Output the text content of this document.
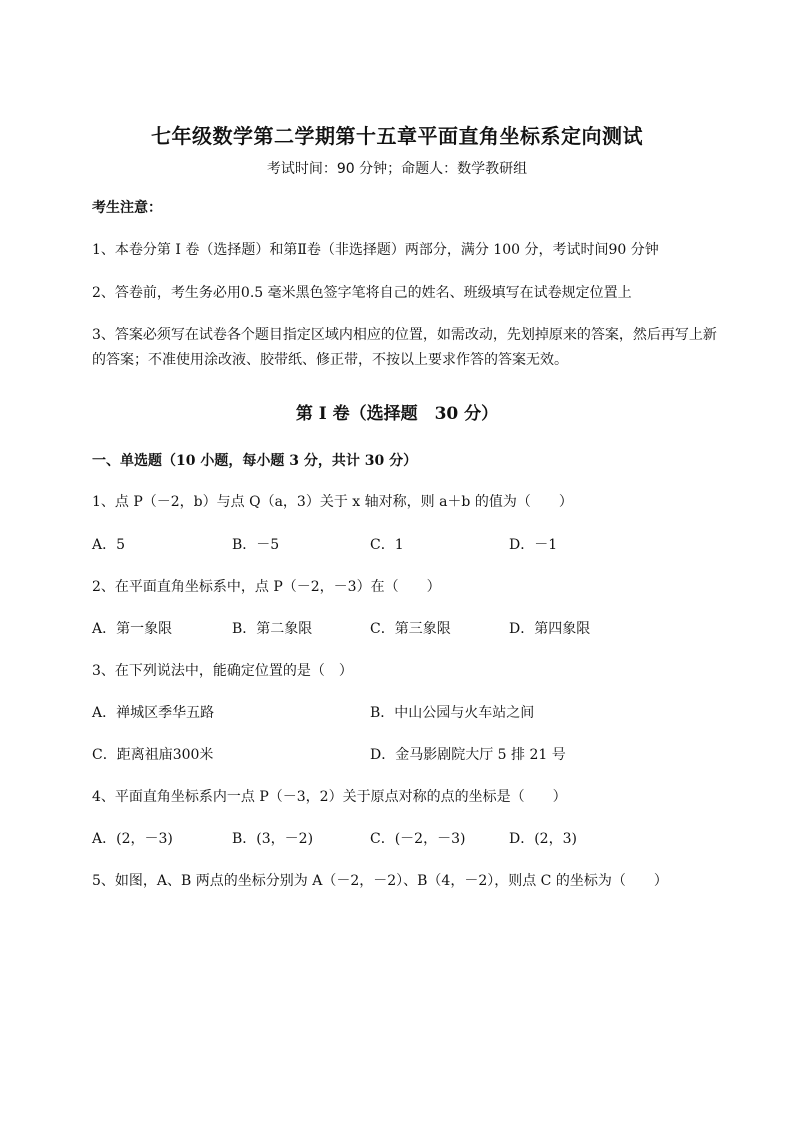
七年级数学第二学期第十五章平面直角坐标系定向测试
考试时间：90 分钟；命题人：数学教研组
考生注意：
1、本卷分第 I 卷（选择题）和第Ⅱ卷（非选择题）两部分，满分 100 分，考试时间90 分钟
2、答卷前，考生务必用0.5 毫米黑色签字笔将自己的姓名、班级填写在试卷规定位置上
3、答案必须写在试卷各个题目指定区域内相应的位置，如需改动，先划掉原来的答案，然后再写上新
的答案；不准使用涂改液、胶带纸、修正带，不按以上要求作答的答案无效。
第 I 卷（选择题　30 分）
一、单选题（10 小题，每小题 3 分，共计 30 分）
1、点 P（－2，b）与点 Q（a，3）关于 x 轴对称，则 a＋b 的值为（　　）
A．5	B．－5	C．1	D．－1
2、在平面直角坐标系中，点 P（－2，－3）在（　　）
A．第一象限	B．第二象限	C．第三象限	D．第四象限
3、在下列说法中，能确定位置的是（　）
A．禅城区季华五路	B．中山公园与火车站之间
C．距离祖庙300米	D．金马影剧院大厅 5 排 21 号
4、平面直角坐标系内一点 P（－3，2）关于原点对称的点的坐标是（　　）
A．(2，－3)	B．(3，－2)	C．(－2，－3)	D．(2，3)
5、如图，A、B 两点的坐标分别为 A（－2，－2）、B（4，－2），则点 C 的坐标为（　　）
